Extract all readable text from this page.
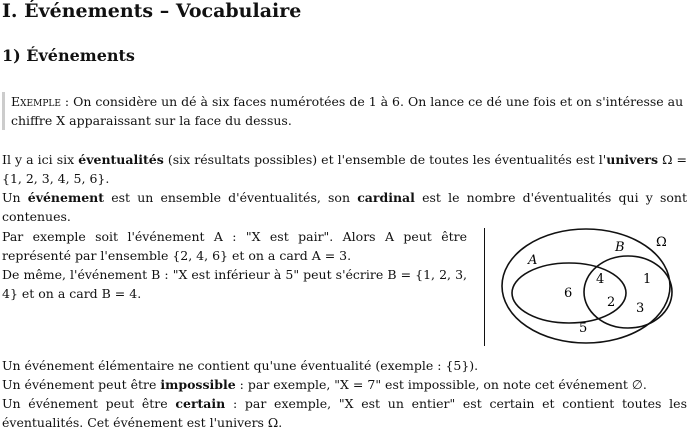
I. Événements – Vocabulaire
1) Événements
Exemple : On considère un dé à six faces numérotées de 1 à 6. On lance ce dé une fois et on s'intéresse au chiffre X apparaissant sur la face du dessus.
Il y a ici six éventualités (six résultats possibles) et l'ensemble de toutes les éventualités est l'univers Ω = {1, 2, 3, 4, 5, 6}.
Un événement est un ensemble d'éventualités, son cardinal est le nombre d'éventualités qui y sont contenues.
Par exemple soit l'événement A : "X est pair". Alors A peut être représenté par l'ensemble {2, 4, 6} et on a card A = 3.
De même, l'événement B : "X est inférieur à 5" peut s'écrire B = {1, 2, 3, 4} et on a card B = 4.
Ω
A
B
6
4
2
1
3
5
Un événement élémentaire ne contient qu'une éventualité (exemple : {5}).
Un événement peut être impossible : par exemple, "X = 7" est impossible, on note cet événement ∅.
Un événement peut être certain : par exemple, "X est un entier" est certain et contient toutes les éventualités. Cet événement est l'univers Ω.
